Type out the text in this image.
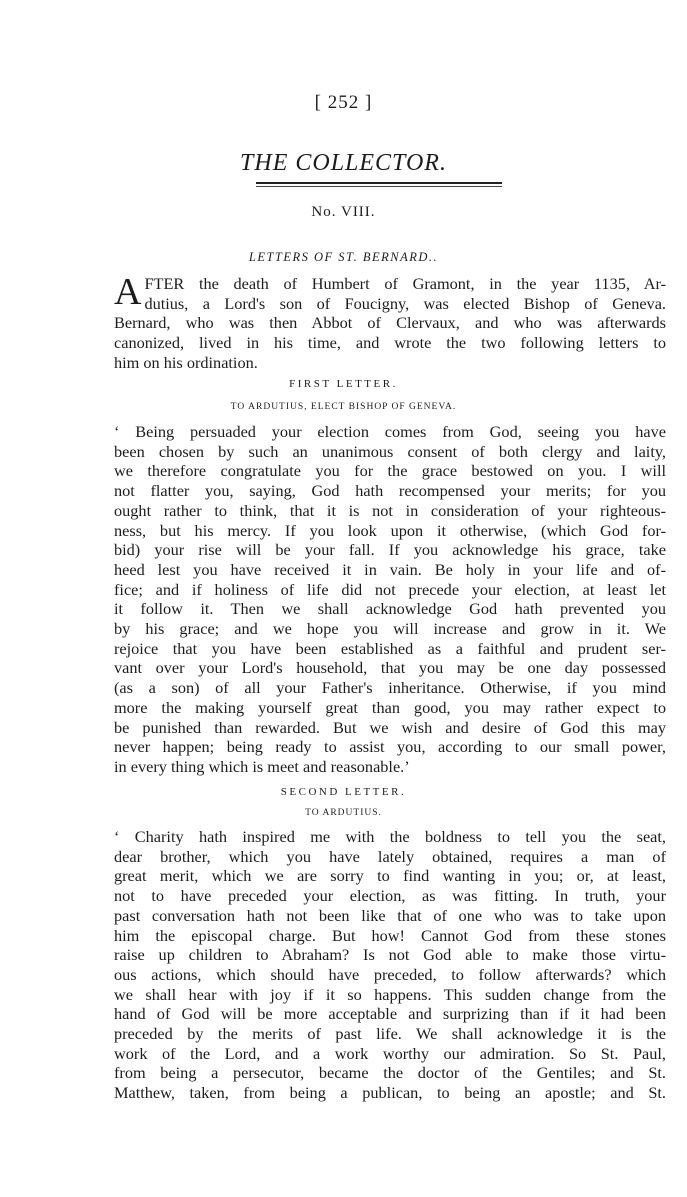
[ 252 ]
THE COLLECTOR.
No. VIII.
LETTERS OF ST. BERNARD..
A FTER the death of Humbert of Gramont, in the year 1135, Ar-
dutius, a Lord's son of Foucigny, was elected Bishop of Geneva.
Bernard, who was then Abbot of Clervaux, and who was afterwards
canonized, lived in his time, and wrote the two following letters to
him on his ordination.
FIRST LETTER.
TO ARDUTIUS, ELECT BISHOP OF GENEVA.
‘ Being persuaded your election comes from God, seeing you have
been chosen by such an unanimous consent of both clergy and laity,
we therefore congratulate you for the grace bestowed on you. I will
not flatter you, saying, God hath recompensed your merits; for you
ought rather to think, that it is not in consideration of your righteous-
ness, but his mercy. If you look upon it otherwise, (which God for-
bid) your rise will be your fall. If you acknowledge his grace, take
heed lest you have received it in vain. Be holy in your life and of-
fice; and if holiness of life did not precede your election, at least let
it follow it. Then we shall acknowledge God hath prevented you
by his grace; and we hope you will increase and grow in it. We
rejoice that you have been established as a faithful and prudent ser-
vant over your Lord's household, that you may be one day possessed
(as a son) of all your Father's inheritance. Otherwise, if you mind
more the making yourself great than good, you may rather expect to
be punished than rewarded. But we wish and desire of God this may
never happen; being ready to assist you, according to our small power,
in every thing which is meet and reasonable.’
SECOND LETTER.
TO ARDUTIUS.
‘ Charity hath inspired me with the boldness to tell you the seat,
dear brother, which you have lately obtained, requires a man of
great merit, which we are sorry to find wanting in you; or, at least,
not to have preceded your election, as was fitting. In truth, your
past conversation hath not been like that of one who was to take upon
him the episcopal charge. But how! Cannot God from these stones
raise up children to Abraham? Is not God able to make those virtu-
ous actions, which should have preceded, to follow afterwards? which
we shall hear with joy if it so happens. This sudden change from the
hand of God will be more acceptable and surprizing than if it had been
preceded by the merits of past life. We shall acknowledge it is the
work of the Lord, and a work worthy our admiration. So St. Paul,
from being a persecutor, became the doctor of the Gentiles; and St.
Matthew, taken, from being a publican, to being an apostle; and St.
